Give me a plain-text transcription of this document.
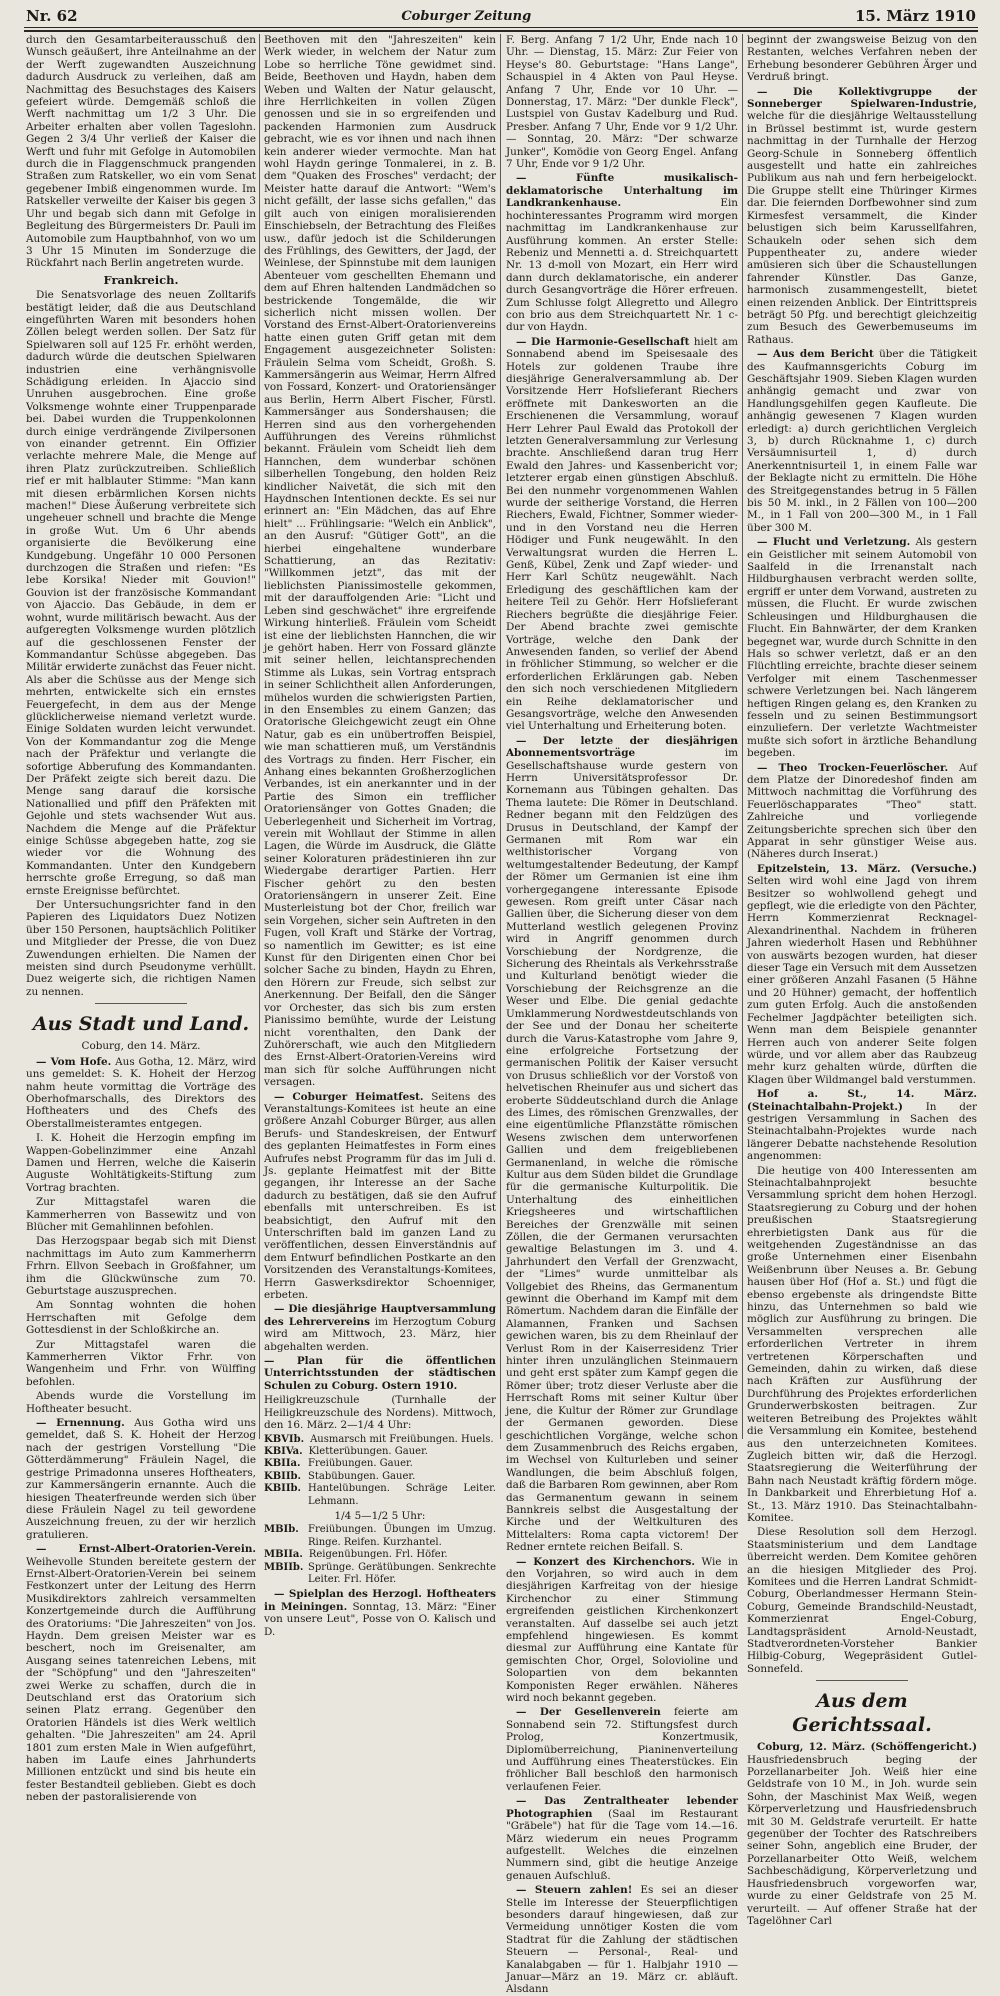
Nr. 62	Coburger Zeitung	15. März 1910

durch den Gesamtarbeiterausschuß den Wunsch geäußert, ihre Anteilnahme an der der Werft zugewandten Auszeichnung dadurch Ausdruck zu verleihen, daß am Nachmittag des Besuchstages des Kaisers gefeiert würde. Demgemäß schloß die Werft nachmittag um 1/2 3 Uhr. Die Arbeiter erhalten aber vollen Tageslohn. Gegen 2 3/4 Uhr verließ der Kaiser die Werft und fuhr mit Gefolge in Automobilen durch die in Flaggenschmuck prangenden Straßen zum Ratskeller, wo ein vom Senat gegebener Imbiß eingenommen wurde. Im Ratskeller verweilte der Kaiser bis gegen 3 Uhr und begab sich dann mit Gefolge in Begleitung des Bürgermeisters Dr. Pauli im Automobile zum Hauptbahnhof, von wo um 3 Uhr 15 Minuten im Sonderzuge die Rückfahrt nach Berlin angetreten wurde.

Frankreich.

Die Senatsvorlage des neuen Zolltarifs bestätigt leider, daß die aus Deutschland eingeführten Waren mit besonders hohen Zöllen belegt werden sollen. Der Satz für Spielwaren soll auf 125 Fr. erhöht werden, dadurch würde die deutschen Spielwaren industrien eine verhängnisvolle Schädigung erleiden. In Ajaccio sind Unruhen ausgebrochen. Eine große Volksmenge wohnte einer Truppenparade bei. Dabei wurden die Truppenkolonnen durch einige verdrängende Zivilpersonen von einander getrennt. Ein Offizier verlachte mehrere Male, die Menge auf ihren Platz zurückzutreiben. Schließlich rief er mit halblauter Stimme: "Man kann mit diesen erbärmlichen Korsen nichts machen!" Diese Äußerung verbreitete sich ungeheuer schnell und brachte die Menge in große Wut. Um 6 Uhr abends organisierte die Bevölkerung eine Kundgebung. Ungefähr 10 000 Personen durchzogen die Straßen und riefen: "Es lebe Korsika! Nieder mit Gouvion!" Gouvion ist der französische Kommandant von Ajaccio. Das Gebäude, in dem er wohnt, wurde militärisch bewacht. Aus der aufgeregten Volksmenge wurden plötzlich auf die geschlossenen Fenster der Kommandantur Schüsse abgegeben. Das Militär erwiderte zunächst das Feuer nicht. Als aber die Schüsse aus der Menge sich mehrten, entwickelte sich ein ernstes Feuergefecht, in dem aus der Menge glücklicherweise niemand verletzt wurde. Einige Soldaten wurden leicht verwundet. Von der Kommandantur zog die Menge nach der Präfektur und verlangte die sofortige Abberufung des Kommandanten. Der Präfekt zeigte sich bereit dazu. Die Menge sang darauf die korsische Nationallied und pfiff den Präfekten mit Gejohle und stets wachsender Wut aus. Nachdem die Menge auf die Präfektur einige Schüsse abgegeben hatte, zog sie wieder vor die Wohnung des Kommandanten. Unter den Kundgebern herrschte große Erregung, so daß man ernste Ereignisse befürchtet.

Der Untersuchungsrichter fand in den Papieren des Liquidators Duez Notizen über 150 Personen, hauptsächlich Politiker und Mitglieder der Presse, die von Duez Zuwendungen erhielten. Die Namen der meisten sind durch Pseudonyme verhüllt. Duez weigerte sich, die richtigen Namen zu nennen.

Aus Stadt und Land.
Coburg, den 14. März.

— Vom Hofe. Aus Gotha, 12. März, wird uns gemeldet: S. K. Hoheit der Herzog nahm heute vormittag die Vorträge des Oberhofmarschalls, des Direktors des Hoftheaters und des Chefs des Oberstallmeisteramtes entgegen.

I. K. Hoheit die Herzogin empfing im Wappen-Gobelinzimmer eine Anzahl Damen und Herren, welche die Kaiserin Auguste Wohltätigkeits-Stiftung zum Vortrag brachten.

Zur Mittagstafel waren die Kammerherren von Bassewitz und von Blücher mit Gemahlinnen befohlen.

Das Herzogspaar begab sich mit Dienst nachmittags im Auto zum Kammerherrn Frhrn. Ellvon Seebach in Großfahner, um ihm die Glückwünsche zum 70. Geburtstage auszusprechen.

Am Sonntag wohnten die hohen Herrschaften mit Gefolge dem Gottesdienst in der Schloßkirche an.

Zur Mittagstafel waren die Kammerherren Viktor Frhr. von Wangenheim und Frhr. von Wülffing befohlen.

Abends wurde die Vorstellung im Hoftheater besucht.

— Ernennung. Aus Gotha wird uns gemeldet, daß S. K. Hoheit der Herzog nach der gestrigen Vorstellung "Die Götterdämmerung" Fräulein Nagel, die gestrige Primadonna unseres Hoftheaters, zur Kammersängerin ernannte. Auch die hiesigen Theaterfreunde werden sich über diese Fräulein Nagel zu teil gewordene Auszeichnung freuen, zu der wir herzlich gratulieren.

— Ernst-Albert-Oratorien-Verein. Weihevolle Stunden bereitete gestern der Ernst-Albert-Oratorien-Verein bei seinem Festkonzert unter der Leitung des Herrn Musikdirektors zahlreich versammelten Konzertgemeinde durch die Aufführung des Oratoriums: "Die Jahreszeiten" von Jos. Haydn. Dem greisen Meister war es beschert, noch im Greisenalter, am Ausgang seines tatenreichen Lebens, mit der "Schöpfung" und den "Jahreszeiten" zwei Werke zu schaffen, durch die in Deutschland erst das Oratorium sich seinen Platz errang. Gegenüber den Oratorien Händels ist dies Werk weltlich gehalten. "Die Jahreszeiten" am 24. April 1801 zum ersten Male in Wien aufgeführt, haben im Laufe eines Jahrhunderts Millionen entzückt und sind bis heute ein fester Bestandteil geblieben. Giebt es doch neben der pastoralisierende von

Beethoven mit den "Jahreszeiten" kein Werk wieder, in welchem der Natur zum Lobe so herrliche Töne gewidmet sind. Beide, Beethoven und Haydn, haben dem Weben und Walten der Natur gelauscht, ihre Herrlichkeiten in vollen Zügen genossen und sie in so ergreifenden und packenden Harmonien zum Ausdruck gebracht, wie es vor ihnen und nach ihnen kein anderer wieder vermochte. Man hat wohl Haydn geringe Tonmalerei, in z. B. dem "Quaken des Frosches" verdacht; der Meister hatte darauf die Antwort: "Wem's nicht gefällt, der lasse sichs gefallen," das gilt auch von einigen moralisierenden Einschiebseln, der Betrachtung des Fleißes usw., dafür jedoch ist die Schilderungen des Frühlings, des Gewitters, der Jagd, der Weinlese, der Spinnstube mit dem launigen Abenteuer vom geschellten Ehemann und dem auf Ehren haltenden Landmädchen so bestrickende Tongemälde, die wir sicherlich nicht missen wollen. Der Vorstand des Ernst-Albert-Oratorienvereins hatte einen guten Griff getan mit dem Engagement ausgezeichneter Solisten: Fräulein Selma vom Scheidt, Großh. S. Kammersängerin aus Weimar, Herrn Alfred von Fossard, Konzert- und Oratoriensänger aus Berlin, Herrn Albert Fischer, Fürstl. Kammersänger aus Sondershausen; die Herren sind aus den vorhergehenden Aufführungen des Vereins rühmlichst bekannt. Fräulein vom Scheidt lieh dem Hannchen, dem wunderbar schönen silberhellen Tongebung, den holden Reiz kindlicher Naivetät, die sich mit den Haydnschen Intentionen deckte. Es sei nur erinnert an: "Ein Mädchen, das auf Ehre hielt" ... Frühlingsarie: "Welch ein Anblick", an den Ausruf: "Gütiger Gott", an die hierbei eingehaltene wunderbare Schattierung, an das Rezitativ: "Willkommen jetzt", das mit der lieblichsten Pianissimostelle gekommen, mit der darauffolgenden Arie: "Licht und Leben sind geschwächet" ihre ergreifende Wirkung hinterließ. Fräulein vom Scheidt ist eine der lieblichsten Hannchen, die wir je gehört haben. Herr von Fossard glänzte mit seiner hellen, leichtansprechenden Stimme als Lukas, sein Vortrag entsprach in seiner Schlichtheit allen Anforderungen, mühelos wurden die schwierigsten Partien, in den Ensembles zu einem Ganzen; das Oratorische Gleichgewicht zeugt ein Ohne Natur, gab es ein unübertroffen Beispiel, wie man schattieren muß, um Verständnis des Vortrags zu finden. Herr Fischer, ein Anhang eines bekannten Großherzoglichen Verbandes, ist ein anerkannter und in der Partie des Simon ein trefflicher Oratoriensänger von Gottes Gnaden; die Ueberlegenheit und Sicherheit im Vortrag, verein mit Wohllaut der Stimme in allen Lagen, die Würde im Ausdruck, die Glätte seiner Koloraturen prädestinieren ihn zur Wiedergabe derartiger Partien. Herr Fischer gehört zu den besten Oratoriensängern in unserer Zeit. Eine Musterleistung bot der Chor, freilich war sein Vorgehen, sicher sein Auftreten in den Fugen, voll Kraft und Stärke der Vortrag, so namentlich im Gewitter; es ist eine Kunst für den Dirigenten einen Chor bei solcher Sache zu binden, Haydn zu Ehren, den Hörern zur Freude, sich selbst zur Anerkennung. Der Beifall, den die Sänger vor Orchester, das sich bis zum ersten Pianissimo bemühte, wurde der Leistung nicht vorenthalten, den Dank der Zuhörerschaft, wie auch den Mitgliedern des Ernst-Albert-Oratorien-Vereins wird man sich für solche Aufführungen nicht versagen.

— Coburger Heimatfest. Seitens des Veranstaltungs-Komitees ist heute an eine größere Anzahl Coburger Bürger, aus allen Berufs- und Standeskreisen, der Entwurf des geplanten Heimatfestes in Form eines Aufrufes nebst Programm für das im Juli d. Js. geplante Heimatfest mit der Bitte gegangen, ihr Interesse an der Sache dadurch zu bestätigen, daß sie den Aufruf ebenfalls mit unterschreiben. Es ist beabsichtigt, den Aufruf mit den Unterschriften bald im ganzen Land zu veröffentlichen, dessen Einverständnis auf dem Entwurf befindlichen Postkarte an den Vorsitzenden des Veranstaltungs-Komitees, Herrn Gaswerksdirektor Schoenniger, erbeten.

— Die diesjährige Hauptversammlung des Lehrervereins im Herzogtum Coburg wird am Mittwoch, 23. März, hier abgehalten werden.

— Plan für die öffentlichen Unterrichtsstunden der städtischen Schulen zu Coburg. Ostern 1910.

Heiligkreuzschule (Turnhalle der Heiligkreuzschule des Nordens). Mittwoch, den 16. März. 2—1/4 4 Uhr:

KBVIb. Ausmarsch mit Freiübungen. Huels.
KBIVa. Kletterübungen. Gauer.
KBIIa. Freiübungen. Gauer.
KBIIb. Stabübungen. Gauer.
KBIIb. Hantelübungen. Schräge Leiter. Lehmann.

1/4 5—1/2 5 Uhr:

MBIb. Freiübungen. Übungen im Umzug. Ringe. Reifen. Kurzhantel.
MBIIa. Reigenübungen. Frl. Höfer.
MBIIb. Sprünge. Gerätübungen. Senkrechte Leiter. Frl. Höfer.

— Spielplan des Herzogl. Hoftheaters in Meiningen. Sonntag, 13. März: "Einer von unsere Leut", Posse von O. Kalisch und D.

F. Berg. Anfang 7 1/2 Uhr, Ende nach 10 Uhr. — Dienstag, 15. März: Zur Feier von Heyse's 80. Geburtstage: "Hans Lange", Schauspiel in 4 Akten von Paul Heyse. Anfang 7 Uhr, Ende vor 10 Uhr. — Donnerstag, 17. März: "Der dunkle Fleck", Lustspiel von Gustav Kadelburg und Rud. Presber. Anfang 7 Uhr, Ende vor 9 1/2 Uhr. — Sonntag, 20. März: "Der schwarze Junker", Komödie von Georg Engel. Anfang 7 Uhr, Ende vor 9 1/2 Uhr.

— Fünfte musikalisch-deklamatorische Unterhaltung im Landkrankenhause.	Ein hochinteressantes Programm wird morgen nachmittag im Landkrankenhause zur Ausführung kommen. An erster Stelle: Rebeniz und Mennetti a. d. Streichquartett Nr. 13 d-moll von Mozart, ein Herr wird dann durch deklamatorische, ein anderer durch Gesangvorträge die Hörer erfreuen. Zum Schlusse folgt Allegretto und Allegro con brio aus dem Streichquartett Nr. 1 c-dur von Haydn.

— Die Harmonie-Gesellschaft hielt am Sonnabend abend im Speisesaale des Hotels zur goldenen Traube ihre diesjährige Generalversammlung ab. Der Vorsitzende Herr Hofslieferant Riechers eröffnete mit Dankesworten an die Erschienenen die Versammlung, worauf Herr Lehrer Paul Ewald das Protokoll der letzten Generalversammlung zur Verlesung brachte. Anschließend daran trug Herr Ewald den Jahres- und Kassenbericht vor; letzterer ergab einen günstigen Abschluß. Bei den nunmehr vorgenommenen Wahlen wurde der seitherige Vorstand, die Herren Riechers, Ewald, Fichtner, Sommer wieder- und in den Vorstand neu die Herren Hödiger und Funk neugewählt. In den Verwaltungsrat wurden die Herren L. Genß, Kübel, Zenk und Zapf wieder- und Herr Karl Schütz neugewählt. Nach Erledigung des geschäftlichen kam der heitere Teil zu Gehör. Herr Hofslieferant Riechers begrüßte die diesjährige Feier. Der Abend brachte zwei gemischte Vorträge, welche den Dank der Anwesenden fanden, so verlief der Abend in fröhlicher Stimmung, so welcher er die erforderlichen Erklärungen gab. Neben den sich noch verschiedenen Mitgliedern ein Reihe deklamatorischer und Gesangsvorträge, welche den Anwesenden viel Unterhaltung und Erheiterung boten.

— Der letzte der diesjährigen Abonnementsvorträge	im Gesellschaftshause wurde gestern von Herrn Universitätsprofessor Dr. Kornemann aus Tübingen gehalten. Das Thema lautete: Die Römer in Deutschland. Redner begann mit den Feldzügen des Drusus in Deutschland, der Kampf der Germanen mit Rom war ein welthistorischer Vorgang von weltumgestaltender Bedeutung, der Kampf der Römer um Germanien ist eine ihm vorhergegangene interessante Episode gewesen. Rom greift unter Cäsar nach Gallien über, die Sicherung dieser von dem Mutterland westlich gelegenen Provinz wird in Angriff genommen durch Vorschiebung der Nordgrenze, die Sicherung des Rheintals als Verkehrsstraße und Kulturland benötigt wieder die Vorschiebung der Reichsgrenze an die Weser und Elbe. Die genial gedachte Umklammerung Nordwestdeutschlands von der See und der Donau her scheiterte durch die Varus-Katastrophe vom Jahre 9, eine erfolgreiche Fortsetzung der germanischen Politik der Kaiser versucht von Drusus schließlich vor der Vorstoß von helvetischen Rheinufer aus und sichert das eroberte Süddeutschland durch die Anlage des Limes, des römischen Grenzwalles, der eine eigentümliche Pflanzstätte römischen Wesens zwischen dem unterworfenen Gallien und dem freigebliebenen Germanenland, in welche die römische Kultur aus dem Süden bildet die Grundlage für die germanische Kulturpolitik. Die Unterhaltung des einheitlichen Kriegsheeres und wirtschaftlichen Bereiches der Grenzwälle mit seinen Zöllen, die der Germanen verursachten gewaltige Belastungen im 3. und 4. Jahrhundert den Verfall der Grenzwacht, der "Limes" wurde unmittelbar als Vollgebiet des Rheins, das Germanentum gewinnt die Oberhand im Kampf mit dem Römertum. Nachdem daran die Einfälle der Alamannen, Franken und Sachsen gewichen waren, bis zu dem Rheinlauf der Verlust Rom in der Kaiserresidenz Trier hinter ihren unzulänglichen Steinmauern und geht erst später zum Kampf gegen die Römer über; trotz dieser Verluste aber die Herrschaft Roms mit seiner Kultur über jene, die Kultur der Römer zur Grundlage der Germanen geworden. Diese geschichtlichen Vorgänge, welche schon dem Zusammenbruch des Reichs ergaben, im Wechsel von Kulturleben und seiner Wandlungen, die beim Abschluß folgen, daß die Barbaren Rom gewinnen, aber Rom das Germanentum gewann in seinem Bannkreis selbst die Ausgestaltung der Kirche und der Weltkulturen des Mittelalters: Roma capta victorem! Der Redner erntete reichen Beifall. S.

— Konzert des Kirchenchors. Wie in den Vorjahren, so wird auch in dem diesjährigen Karfreitag von der hiesige Kirchenchor zu einer Stimmung ergreifenden geistlichen Kirchenkonzert veranstalten. Auf dasselbe sei auch jetzt empfehlend hingewiesen. Es kommt diesmal zur Aufführung eine Kantate für gemischten Chor, Orgel, Solovioline und Solopartien von dem bekannten Komponisten Reger erwählen. Näheres wird noch bekannt gegeben.

— Der Gesellenverein feierte am Sonnabend sein 72. Stiftungsfest durch Prolog, Konzertmusik, Diplomüberreichung, Pianinenverteilung und Aufführung eines Theaterstückes. Ein fröhlicher Ball beschloß den harmonisch verlaufenen Feier.

— Das Zentraltheater lebender Photographien (Saal im Restaurant "Gräbele") hat für die Tage vom 14.—16. März wiederum ein neues Programm aufgestellt. Welches die einzelnen Nummern sind, gibt die heutige Anzeige genauen Aufschluß.

— Steuern zahlen! Es sei an dieser Stelle im Interesse der Steuerpflichtigen besonders darauf hingewiesen, daß zur Vermeidung unnötiger Kosten die vom Stadtrat für die Zahlung der städtischen Steuern — Personal-, Real- und Kanalabgaben — für 1. Halbjahr 1910 — Januar—März an 19. März cr. abläuft. Alsdann

beginnt der zwangsweise Beizug von den Restanten, welches Verfahren neben der Erhebung besonderer Gebühren Ärger und Verdruß bringt.

— Die Kollektivgruppe der Sonneberger Spielwaren-Industrie, welche für die diesjährige Weltausstellung in Brüssel bestimmt ist, wurde gestern nachmittag in der Turnhalle der Herzog Georg-Schule in Sonneberg öffentlich ausgestellt und hatte ein zahlreiches Publikum aus nah und fern herbeigelockt. Die Gruppe stellt eine Thüringer Kirmes dar. Die feiernden Dorfbewohner sind zum Kirmesfest versammelt, die Kinder belustigen sich beim Karussellfahren, Schaukeln oder sehen sich dem Puppentheater zu, andere wieder amüsieren sich über die Schaustellungen fahrender Künstler. Das Ganze, harmonisch zusammengestellt, bietet einen reizenden Anblick. Der Eintrittspreis beträgt 50 Pfg. und berechtigt gleichzeitig zum Besuch des Gewerbemuseums im Rathaus.

— Aus dem Bericht über die Tätigkeit des Kaufmannsgerichts Coburg im Geschäftsjahr 1909. Sieben Klagen wurden anhängig gemacht und zwar von Handlungsgehilfen gegen Kaufleute. Die anhängig gewesenen 7 Klagen wurden erledigt: a) durch gerichtlichen Vergleich 3, b) durch Rücknahme 1, c) durch Versäumnisurteil 1, d) durch Anerkenntnisurteil 1, in einem Falle war der Beklagte nicht zu ermitteln. Die Höhe des Streitgegenstandes betrug in 5 Fällen bis 50 M. inkl., in 2 Fällen von 100—200 M., in 1 Fall von 200—300 M., in 1 Fall über 300 M.

— Flucht und Verletzung. Als gestern ein Geistlicher mit seinem Automobil von Saalfeld in die Irrenanstalt nach Hildburghausen verbracht werden sollte, ergriff er unter dem Vorwand, austreten zu müssen, die Flucht. Er wurde zwischen Schleusingen und Hildburghausen die Flucht. Ein Bahnwärter, der dem Kranken begegnet war, wurde durch Schnitte in den Hals so schwer verletzt, daß er an den Flüchtling erreichte, brachte dieser seinem Verfolger mit einem Taschenmesser schwere Verletzungen bei. Nach längerem heftigen Ringen gelang es, den Kranken zu fesseln und zu seinen Bestimmungsort einzuliefern. Der verletzte Wachtmeister mußte sich sofort in ärztliche Behandlung begeben.

— Theo Trocken-Feuerlöscher. Auf dem Platze der Dinoredeshof finden am Mittwoch nachmittag die Vorführung des Feuerlöschapparates "Theo" statt. Zahlreiche und vorliegende Zeitungsberichte sprechen sich über den Apparat in sehr günstiger Weise aus. (Näheres durch Inserat.)

Epitzelstein, 13. März. (Versuche.) Selten wird wohl eine Jagd von ihrem Besitzer so wohlwollend gehegt und gepflegt, wie die erledigte von den Pächter, Herrn Kommerzienrat Recknagel-Alexandrinenthal. Nachdem in früheren Jahren wiederholt Hasen und Rebhühner von auswärts bezogen wurden, hat dieser dieser Tage ein Versuch mit dem Aussetzen einer größeren Anzahl Fasanen (5 Hähne und 20 Hühner) gemacht, der hoffentlich zum guten Erfolg. Auch die anstoßenden Fechelmer Jagdpächter beteiligten sich. Wenn man dem Beispiele genannter Herren auch von anderer Seite folgen würde, und vor allem aber das Raubzeug mehr kurz gehalten würde, dürften die Klagen über Wildmangel bald verstummen.

Hof a. St., 14. März. (Steinachtalbahn-Projekt.) In der gestrigen Versammlung in Sachen des Steinachtalbahn-Projektes wurde nach längerer Debatte nachstehende Resolution angenommen:

Die heutige von 400 Interessenten am Steinachtalbahnprojekt besuchte Versammlung spricht dem hohen Herzogl. Staatsregierung zu Coburg und der hohen preußischen Staatsregierung ehrerbietigsten Dank aus für die weitgehenden Zugeständnisse an das große Unternehmen einer Eisenbahn Weißenbrunn über Neuses a. Br. Gebung hausen über Hof (Hof a. St.) und fügt die ebenso ergebenste als dringendste Bitte hinzu, das Unternehmen so bald wie möglich zur Ausführung zu bringen. Die Versammelten versprechen alle erforderlichen Vertreter in ihrem vertretenen Körperschaften und Gemeinden, dahin zu wirken, daß diese nach Kräften zur Ausführung der Durchführung des Projektes erforderlichen Grunderwerbskosten beitragen. Zur weiteren Betreibung des Projektes wählt die Versammlung ein Komitee, bestehend aus den unterzeichneten Komitees. Zugleich bitten wir, daß die Herzogl. Staatsregierung die Weiterführung der Bahn nach Neustadt kräftig fördern möge. In Dankbarkeit und Ehrerbietung Hof a. St., 13. März 1910. Das Steinachtalbahn-Komitee.

Diese Resolution soll dem Herzogl. Staatsministerium und dem Landtage überreicht werden. Dem Komitee gehören an die hiesigen Mitglieder des Proj. Komitees und die Herren Landrat Schmidt-Coburg, Oberlandmesser Hermann Stein-Coburg, Gemeinde Brandschild-Neustadt, Kommerzienrat Engel-Coburg, Landtagspräsident Arnold-Neustadt, Stadtverordneten-Vorsteher Bankier Hilbig-Coburg, Wegepräsident Gutlel-Sonnefeld.

Aus dem Gerichtssaal.

Coburg, 12. März. (Schöffengericht.) Hausfriedensbruch beging der Porzellanarbeiter Joh. Weiß hier eine Geldstrafe von 10 M., in Joh. wurde sein Sohn, der Maschinist Max Weiß, wegen Körperverletzung und Hausfriedensbruch mit 30 M. Geldstrafe verurteilt. Er hatte gegenüber der Tochter des Ratschreibers seiner Sohn, angeblich eine Bruder, der Porzellanarbeiter Otto Weiß, welchem Sachbeschädigung, Körperverletzung und Hausfriedensbruch vorgeworfen war, wurde zu einer Geldstrafe von 25 M. verurteilt. — Auf offener Straße hat der Tagelöhner Carl
